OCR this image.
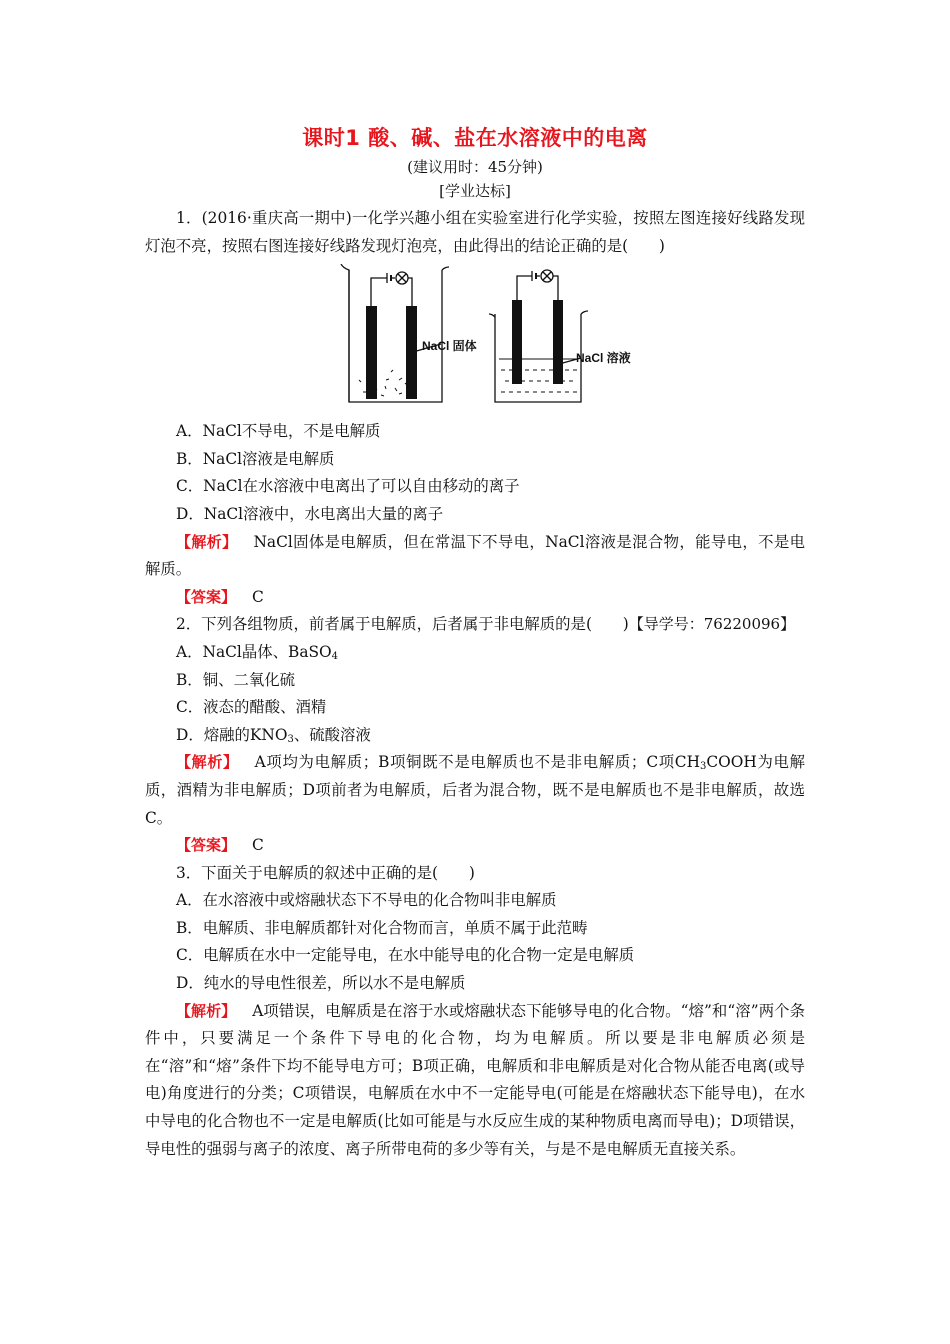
课时1 酸、碱、盐在水溶液中的电离
(建议用时：45分钟)
[学业达标]

1．(2016·重庆高一期中)一化学兴趣小组在实验室进行化学实验，按照左图连接好线路发现灯泡不亮，按照右图连接好线路发现灯泡亮，由此得出的结论正确的是(　　)

NaCl 固体
NaCl 溶液

A．NaCl不导电，不是电解质

B．NaCl溶液是电解质

C．NaCl在水溶液中电离出了可以自由移动的离子

D．NaCl溶液中，水电离出大量的离子

【解析】 NaCl固体是电解质，但在常温下不导电，NaCl溶液是混合物，能导电，不是电解质。

【答案】 C

2．下列各组物质，前者属于电解质，后者属于非电解质的是(　　)【导学号：76220096】

A．NaCl晶体、BaSO$_4$

B．铜、二氧化硫

C．液态的醋酸、酒精

D．熔融的$KNO_3$、硫酸溶液

【解析】 A项均为电解质；B项铜既不是电解质也不是非电解质；C项$CH_3COOH$为电解质，酒精为非电解质；D项前者为电解质，后者为混合物，既不是电解质也不是非电解质，故选C。

【答案】 C

3．下面关于电解质的叙述中正确的是(　　)

A．在水溶液中或熔融状态下不导电的化合物叫非电解质

B．电解质、非电解质都针对化合物而言，单质不属于此范畴

C．电解质在水中一定能导电，在水中能导电的化合物一定是电解质

D．纯水的导电性很差，所以水不是电解质

【解析】 A项错误，电解质是在溶于水或熔融状态下能够导电的化合物。“熔”和“溶”两个条件中，只要满足一个条件下导电的化合物，均为电解质。所以要是非电解质必须是在“溶”和“熔”条件下均不能导电方可；B项正确，电解质和非电解质是对化合物从能否电离(或导电)角度进行的分类；C项错误，电解质在水中不一定能导电(可能是在熔融状态下能导电)，在水中导电的化合物也不一定是电解质(比如可能是与水反应生成的某种物质电离而导电)；D项错误，导电性的强弱与离子的浓度、离子所带电荷的多少等有关，与是不是电解质无直接关系。
